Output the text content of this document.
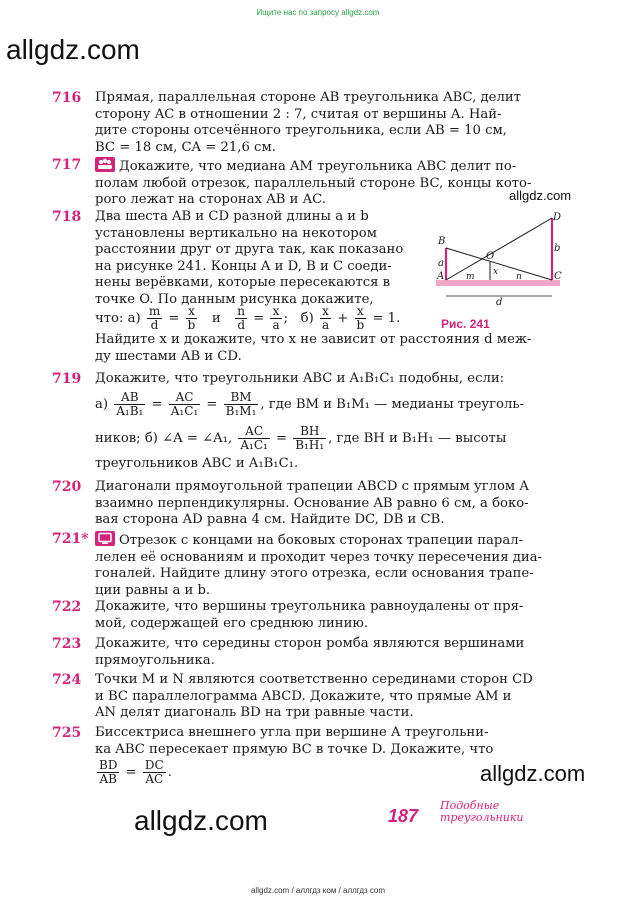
Ищите нас по запросу allgdz.com
allgdz.com
allgdz.com
allgdz.com
allgdz.com
716	Прямая, параллельная стороне AB треугольника ABC, делит
сторону AC в отношении 2 : 7, считая от вершины A. Най-
дите стороны отсечённого треугольника, если AB = 10 см,
BC = 18 см, CA = 21,6 см.
717	Докажите, что медиана AM треугольника ABC делит по-
полам любой отрезок, параллельный стороне BC, концы кото-
рого лежат на сторонах AB и AC.
718	Два шеста AB и CD разной длины a и b
установлены вертикально на некотором
расстоянии друг от друга так, как показано
на рисунке 241. Концы A и D, B и C соеди-
нены верёвками, которые пересекаются в
точке O. По данным рисунка докажите,
что: $а) \frac{m}{d} = \frac{x}{b}$ и $\frac{n}{d} = \frac{x}{a}$ ;   $б) \frac{x}{a} + \frac{x}{b} = 1$.
Найдите x и докажите, что x не зависит от расстояния d меж-
ду шестами AB и CD.
B
D
O
A	C
a
b
x
m	n
d
Рис. 241
719	Докажите, что треугольники ABC и A₁B₁C₁ подобны, если:
$а) \frac{AB}{\text{A₁B₁}} = \frac{AC}{\text{A₁C₁}} = \frac{BM}{\text{B₁M₁}}$ , где BM и B₁M₁ — медианы треуголь-
ников; б) ∠A = ∠A₁, $\frac{AC}{\text{A₁C₁}} = \frac{BH}{\text{B₁H₁}}$ , где BH и B₁H₁ — высоты
треугольников ABC и A₁B₁C₁.
720	Диагонали прямоугольной трапеции ABCD с прямым углом A
взаимно перпендикулярны. Основание AB равно 6 см, а боко-
вая сторона AD равна 4 см. Найдите DC, DB и CB.
721*	Отрезок с концами на боковых сторонах трапеции парал-
лелен её основаниям и проходит через точку пересечения диа-
гоналей. Найдите длину этого отрезка, если основания трапе-
ции равны a и b.
722	Докажите, что вершины треугольника равноудалены от пря-
мой, содержащей его среднюю линию.
723	Докажите, что середины сторон ромба являются вершинами
прямоугольника.
724	Точки M и N являются соответственно серединами сторон CD
и BC параллелограмма ABCD. Докажите, что прямые AM и
AN делят диагональ BD на три равные части.
725	Биссектриса внешнего угла при вершине A треугольни-
ка ABC пересекает прямую BC в точке D. Докажите, что
$\frac{BD}{AB} = \frac{DC}{AC}$ .
187
Подобные
треугольники
allgdz.com / аллгдз ком / аллгдз com
